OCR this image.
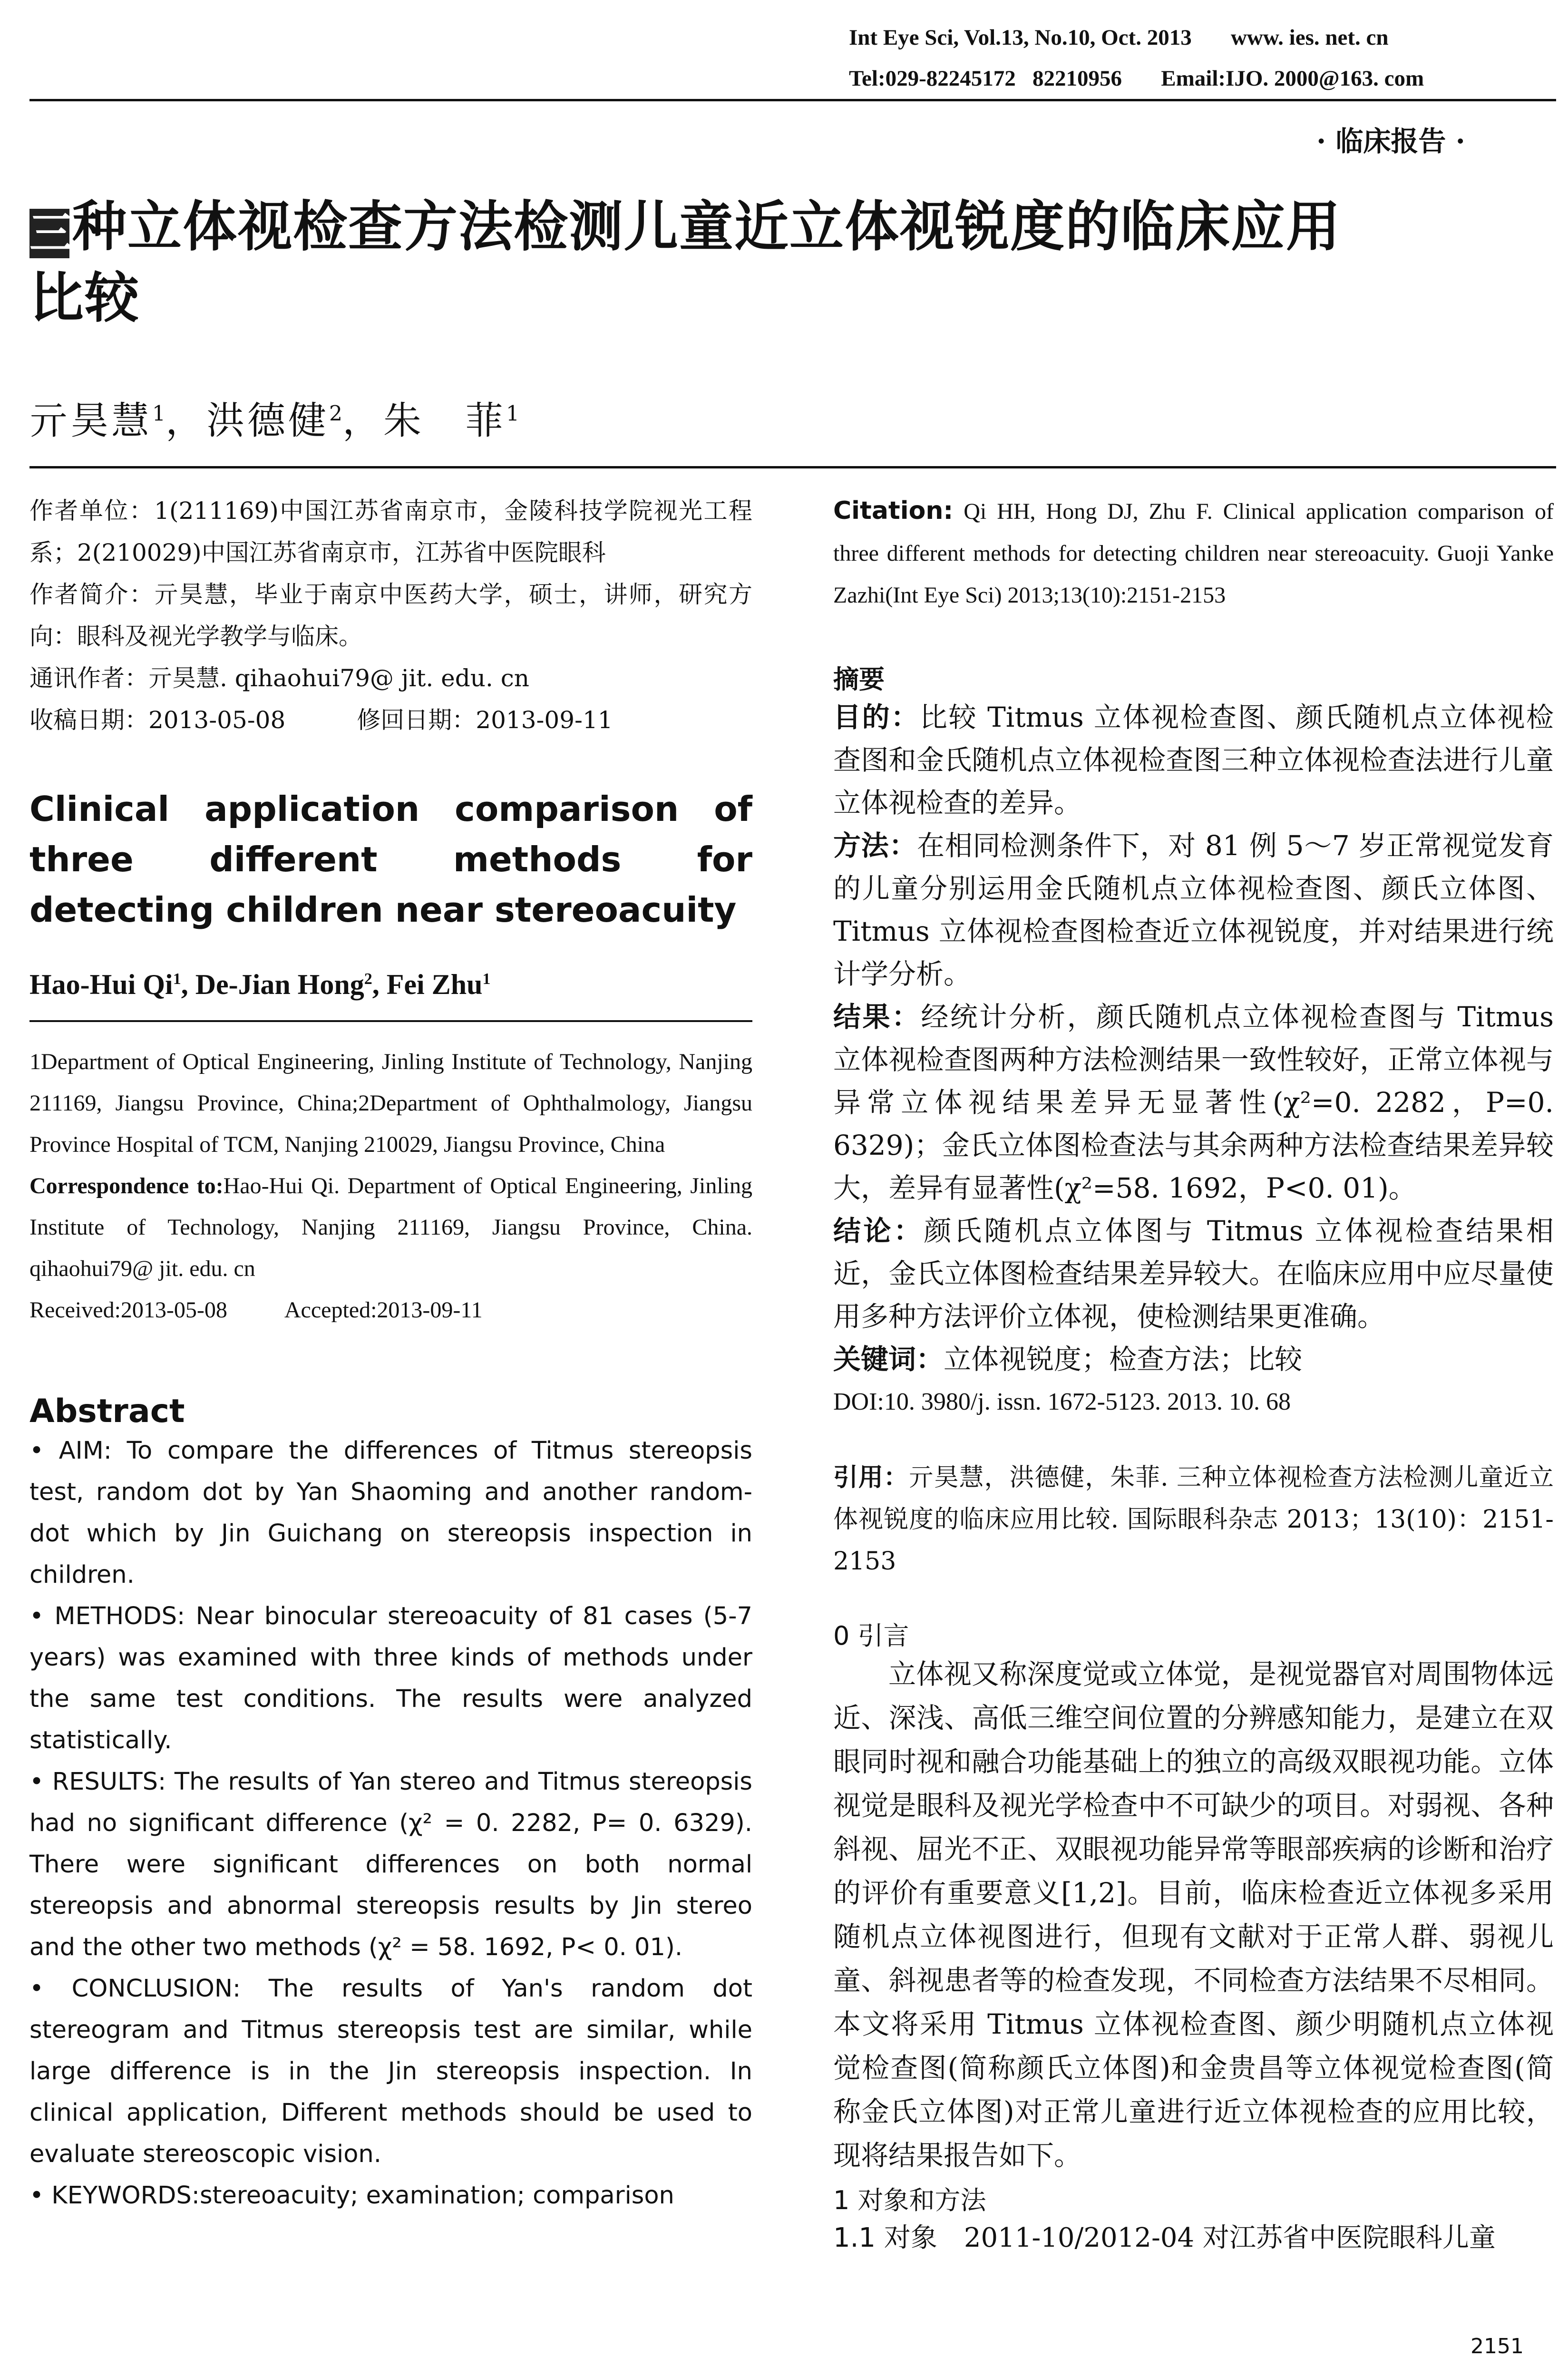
Int Eye Sci, Vol.13, No.10, Oct. 2013       www. ies. net. cn
Tel:029-82245172   82210956       Email:IJO. 2000@163. com
· 临床报告 ·
三种立体视检查方法检测儿童近立体视锐度的临床应用
比较
亓昊慧$^1$，洪德健$^2$，朱　菲$^1$

作者单位：1(211169)中国江苏省南京市，金陵科技学院视光工程系；2(210029)中国江苏省南京市，江苏省中医院眼科

作者简介：亓昊慧，毕业于南京中医药大学，硕士，讲师，研究方向：眼科及视光学教学与临床。

通讯作者：亓昊慧. qihaohui79@ jit. edu. cn

收稿日期：2013-05-08	修回日期：2013-09-11

Clinical application comparison of three different methods for detecting children near stereoacuity

Hao-Hui Qi$^1$, De-Jian Hong$^2$, Fei Zhu$^1$

1Department of Optical Engineering, Jinling Institute of Technology, Nanjing 211169, Jiangsu Province, China;2Department of Ophthalmology, Jiangsu Province Hospital of TCM, Nanjing 210029, Jiangsu Province, China

Correspondence to:Hao-Hui Qi. Department of Optical Engineering, Jinling Institute of Technology, Nanjing 211169, Jiangsu Province, China. qihaohui79@ jit. edu. cn

Received:2013-05-08	Accepted:2013-09-11

Abstract

• AIM: To compare the differences of Titmus stereopsis test, random dot by Yan Shaoming and another random-dot which by Jin Guichang on stereopsis inspection in children.

• METHODS: Near binocular stereoacuity of 81 cases (5-7 years) was examined with three kinds of methods under the same test conditions. The results were analyzed statistically.

• RESULTS: The results of Yan stereo and Titmus stereopsis had no significant difference (χ² = 0. 2282, P= 0. 6329). There were significant differences on both normal stereopsis and abnormal stereopsis results by Jin stereo and the other two methods (χ² = 58. 1692, P< 0. 01).

• CONCLUSION: The results of Yan's random dot stereogram and Titmus stereopsis test are similar, while large difference is in the Jin stereopsis inspection. In clinical application, Different methods should be used to evaluate stereoscopic vision.

• KEYWORDS:stereoacuity; examination; comparison

Citation: Qi HH, Hong DJ, Zhu F. Clinical application comparison of three different methods for detecting children near stereoacuity. Guoji Yanke Zazhi(Int Eye Sci) 2013;13(10):2151-2153

摘要

目的：比较 Titmus 立体视检查图、颜氏随机点立体视检查图和金氏随机点立体视检查图三种立体视检查法进行儿童立体视检查的差异。

方法：在相同检测条件下，对 81 例 5～7 岁正常视觉发育的儿童分别运用金氏随机点立体视检查图、颜氏立体图、Titmus 立体视检查图检查近立体视锐度，并对结果进行统计学分析。

结果：经统计分析，颜氏随机点立体视检查图与 Titmus 立体视检查图两种方法检测结果一致性较好，正常立体视与异常立体视结果差异无显著性(χ²=0. 2282，P=0. 6329)；金氏立体图检查法与其余两种方法检查结果差异较大，差异有显著性(χ²=58. 1692，P<0. 01)。

结论：颜氏随机点立体图与 Titmus 立体视检查结果相近，金氏立体图检查结果差异较大。在临床应用中应尽量使用多种方法评价立体视，使检测结果更准确。

关键词：立体视锐度；检查方法；比较

DOI:10. 3980/j. issn. 1672-5123. 2013. 10. 68

引用：亓昊慧，洪德健，朱菲. 三种立体视检查方法检测儿童近立体视锐度的临床应用比较. 国际眼科杂志 2013；13(10)：2151-2153

0 引言

立体视又称深度觉或立体觉，是视觉器官对周围物体远近、深浅、高低三维空间位置的分辨感知能力，是建立在双眼同时视和融合功能基础上的独立的高级双眼视功能。立体视觉是眼科及视光学检查中不可缺少的项目。对弱视、各种斜视、屈光不正、双眼视功能异常等眼部疾病的诊断和治疗的评价有重要意义[1,2]。目前，临床检查近立体视多采用随机点立体视图进行，但现有文献对于正常人群、弱视儿童、斜视患者等的检查发现，不同检查方法结果不尽相同。本文将采用 Titmus 立体视检查图、颜少明随机点立体视觉检查图(简称颜氏立体图)和金贵昌等立体视觉检查图(简称金氏立体图)对正常儿童进行近立体视检查的应用比较，现将结果报告如下。

1 对象和方法

1.1 对象　 2011-10/2012-04 对江苏省中医院眼科儿童

2151
